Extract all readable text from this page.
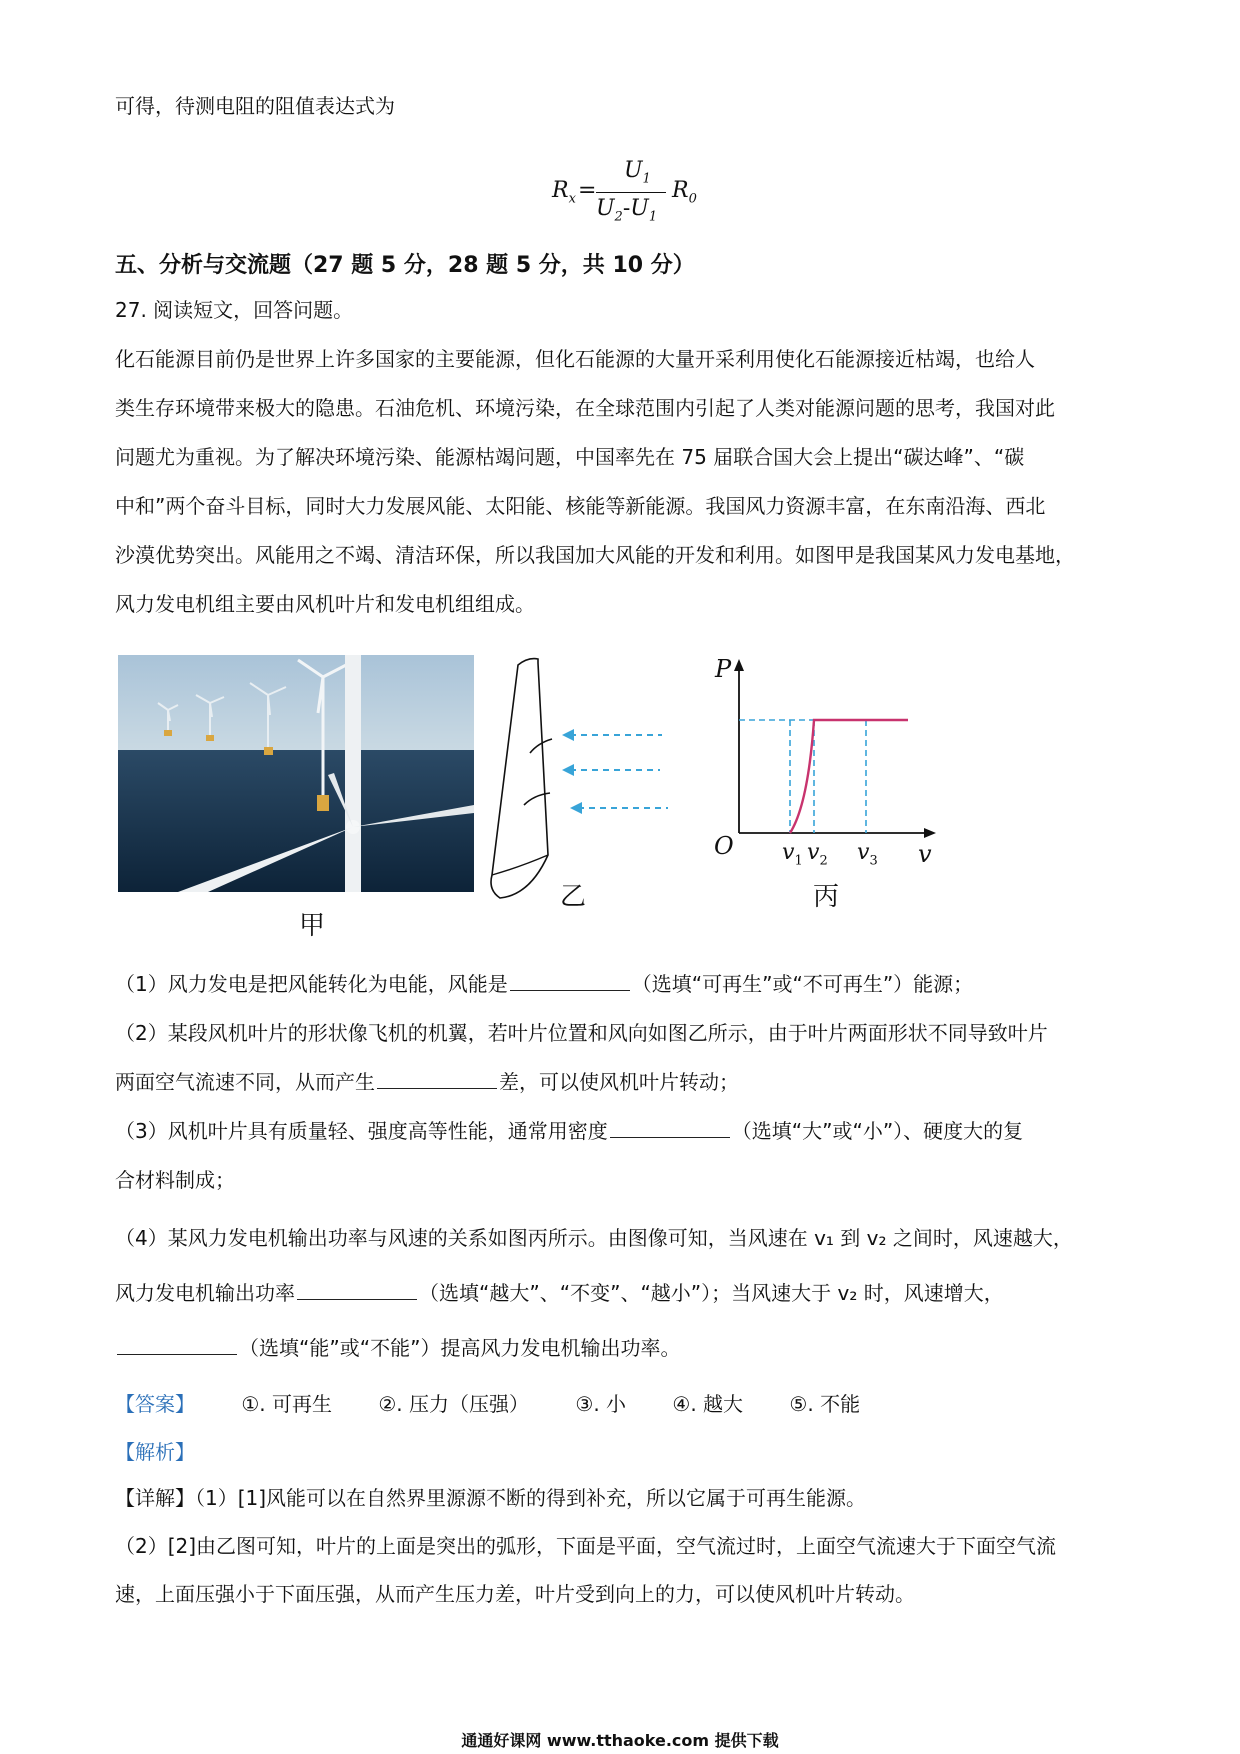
可得，待测电阻的阻值表达式为
$R_x$ =
$U_1$
$U_2-U_1$
$R_0$
五、分析与交流题（27 题 5 分，28 题 5 分，共 10 分）
27. 阅读短文，回答问题。
化石能源目前仍是世界上许多国家的主要能源，但化石能源的大量开采利用使化石能源接近枯竭，也给人
类生存环境带来极大的隐患。石油危机、环境污染，在全球范围内引起了人类对能源问题的思考，我国对此
问题尤为重视。为了解决环境污染、能源枯竭问题，中国率先在 75 届联合国大会上提出“碳达峰”、“碳
中和”两个奋斗目标，同时大力发展风能、太阳能、核能等新能源。我国风力资源丰富，在东南沿海、西北
沙漠优势突出。风能用之不竭、清洁环保，所以我国加大风能的开发和利用。如图甲是我国某风力发电基地，
风力发电机组主要由风机叶片和发电机组组成。
甲
乙
P
O	v
$v_1$ $v_2$ $v_3$
丙
（1）风力发电是把风能转化为电能，风能是	（选填“可再生”或“不可再生”）能源；
（2）某段风机叶片的形状像飞机的机翼，若叶片位置和风向如图乙所示，由于叶片两面形状不同导致叶片
两面空气流速不同，从而产生	差，可以使风机叶片转动；
（3）风机叶片具有质量轻、强度高等性能，通常用密度	（选填“大”或“小”）、硬度大的复
合材料制成；
（4）某风力发电机输出功率与风速的关系如图丙所示。由图像可知，当风速在 v₁ 到 v₂ 之间时，风速越大，
风力发电机输出功率	（选填“越大”、“不变”、“越小”）；当风速大于 v₂ 时，风速增大，
（选填“能”或“不能”）提高风力发电机输出功率。
【答案】 ①. 可再生 ②. 压力（压强） ③. 小 ④. 越大 ⑤. 不能
【解析】
【详解】（1）[1]风能可以在自然界里源源不断的得到补充，所以它属于可再生能源。
（2）[2]由乙图可知，叶片的上面是突出的弧形，下面是平面，空气流过时，上面空气流速大于下面空气流
速，上面压强小于下面压强，从而产生压力差，叶片受到向上的力，可以使风机叶片转动。
通通好课网 www.tthaoke.com 提供下载
